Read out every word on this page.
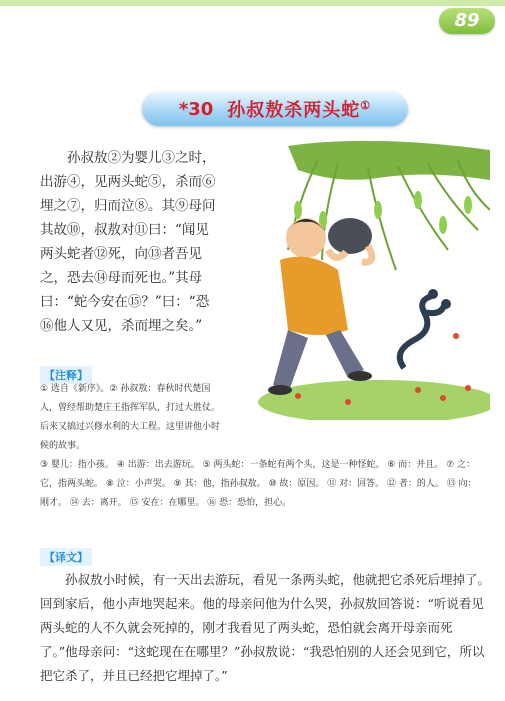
89
*30 孙叔敖杀两头蛇①

孙叔敖②为婴儿③之时，出游④，见两头蛇⑤，杀而⑥埋之⑦，归而泣⑧。其⑨母问其故⑩，叔敖对⑪曰：“闻见两头蛇者⑫死，向⑬者吾见之，恐去⑭母而死也。”其母曰：“蛇今安在⑮？”曰：“恐⑯他人又见，杀而埋之矣。”

【注释】
① 选自《新序》。② 孙叔敖：春秋时代楚国人，曾经帮助楚庄王指挥军队，打过大胜仗。后来又搞过兴修水利的大工程。这里讲他小时候的故事。
③ 婴儿：指小孩。 ④ 出游：出去游玩。 ⑤ 两头蛇：一条蛇有两个头，这是一种怪蛇。 ⑥ 而：并且。 ⑦ 之：它，指两头蛇。 ⑧ 泣：小声哭。 ⑨ 其：他，指孙叔敖。 ⑩ 故：原因。 ⑪ 对：回答。 ⑫ 者：的人。 ⑬ 向：刚才。 ⑭ 去：离开。 ⑮ 安在：在哪里。 ⑯ 恐：恐怕，担心。
【译文】

孙叔敖小时候，有一天出去游玩，看见一条两头蛇，他就把它杀死后埋掉了。回到家后，他小声地哭起来。他的母亲问他为什么哭，孙叔敖回答说：“听说看见两头蛇的人不久就会死掉的，刚才我看见了两头蛇，恐怕就会离开母亲而死了。”他母亲问：“这蛇现在在哪里？”孙叔敖说：“我恐怕别的人还会见到它，所以把它杀了，并且已经把它埋掉了。”
